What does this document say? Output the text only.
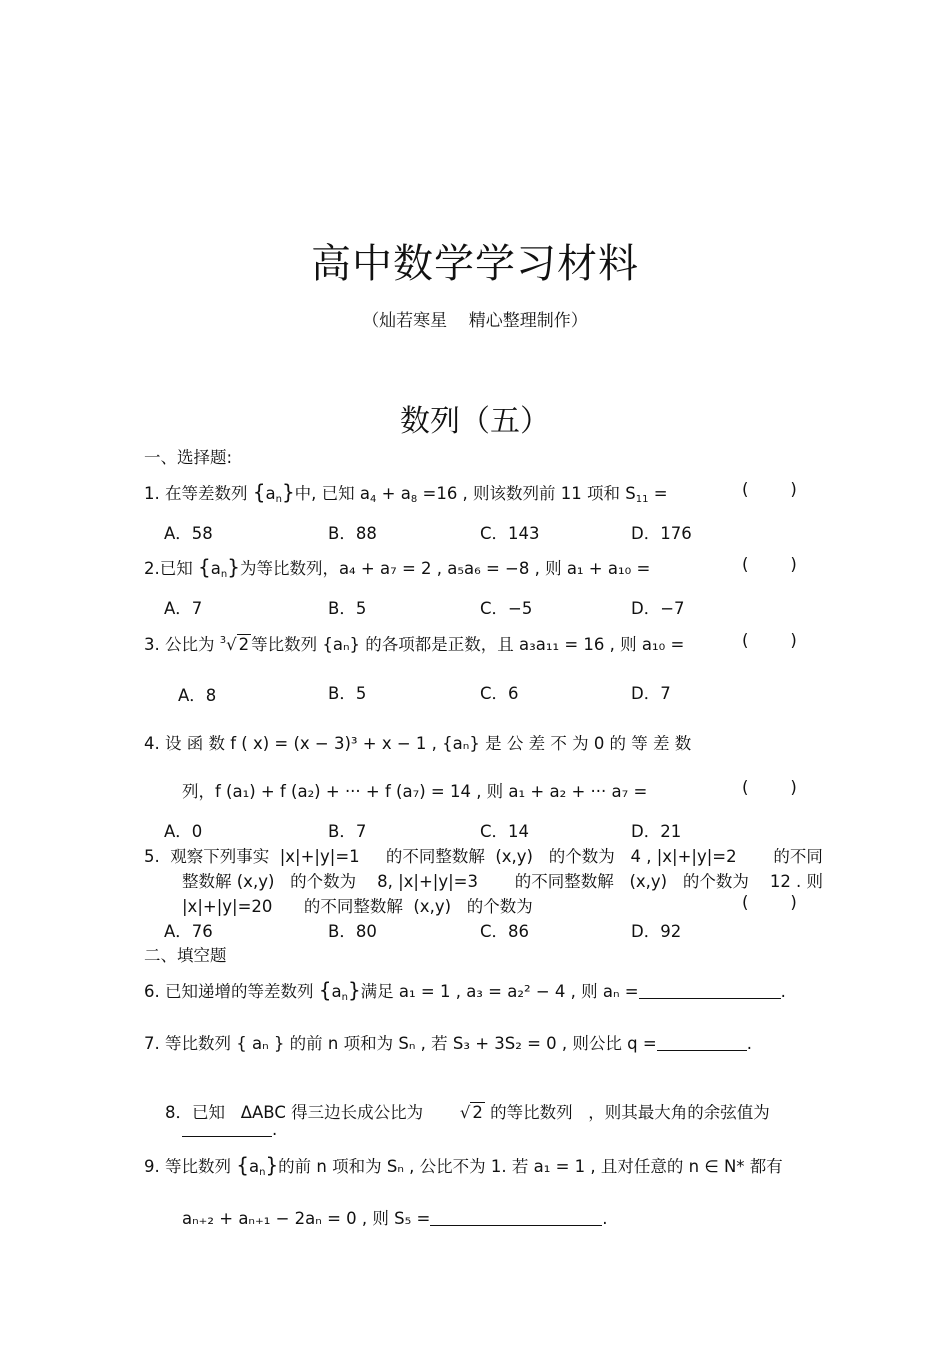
高中数学学习材料
（灿若寒星    精心整理制作）
数列（五）
一、选择题:
1. 在等差数列 $\{a_n\}$中, 已知 $a_4 + a_8 =16$ , 则该数列前 11 项和 $S_{11}$ =	(        )
A．58	B．88	C．143	D．176
2.已知 $\{a_n\}$为等比数列，a₄ + a₇ = 2 , a₅a₆ = −8 , 则 a₁ + a₁₀ =	(        )
A．7	B．5	C．−5	D．−7
3. 公比为 $^3$√ 2 等比数列 {aₙ} 的各项都是正数，且 a₃a₁₁ = 16 , 则 a₁₀ =	(        )
A．8	B．5	C．6	D．7
4. 设 函 数 f ( x) = (x − 3)³ + x − 1 , {aₙ} 是 公 差 不 为 0 的 等 差 数
列，f (a₁) + f (a₂) + ··· + f (a₇) = 14 , 则 a₁ + a₂ + ··· a₇ =	(        )
A．0	B．7	C．14	D．21
5.  观察下列事实  |x|+|y|=1     的不同整数解  (x,y)   的个数为   4 , |x|+|y|=2       的不同
整数解 (x,y)   的个数为    8, |x|+|y|=3       的不同整数解   (x,y)   的个数为    12 . 则
|x|+|y|=20      的不同整数解  (x,y)   的个数为	(        )
A．76	B．80	C．86	D．92
二、填空题
6. 已知递增的等差数列 $\{a_n\}$满足 a₁ = 1 , a₃ = a₂² − 4 , 则 aₙ =	.
7. 等比数列 { aₙ } 的前 n 项和为 Sₙ , 若 S₃ + 3S₂ = 0 , 则公比 q =	.

8．已知   ΔABC 得三边长成公比为       √ 2 的等比数列   ，则其最大角的余弦值为

.
9. 等比数列 $\{a_n\}$的前 n 项和为 Sₙ , 公比不为 1. 若 a₁ = 1 , 且对任意的 n ∈ N* 都有
aₙ₊₂ + aₙ₊₁ − 2aₙ = 0 , 则 S₅ =	.
